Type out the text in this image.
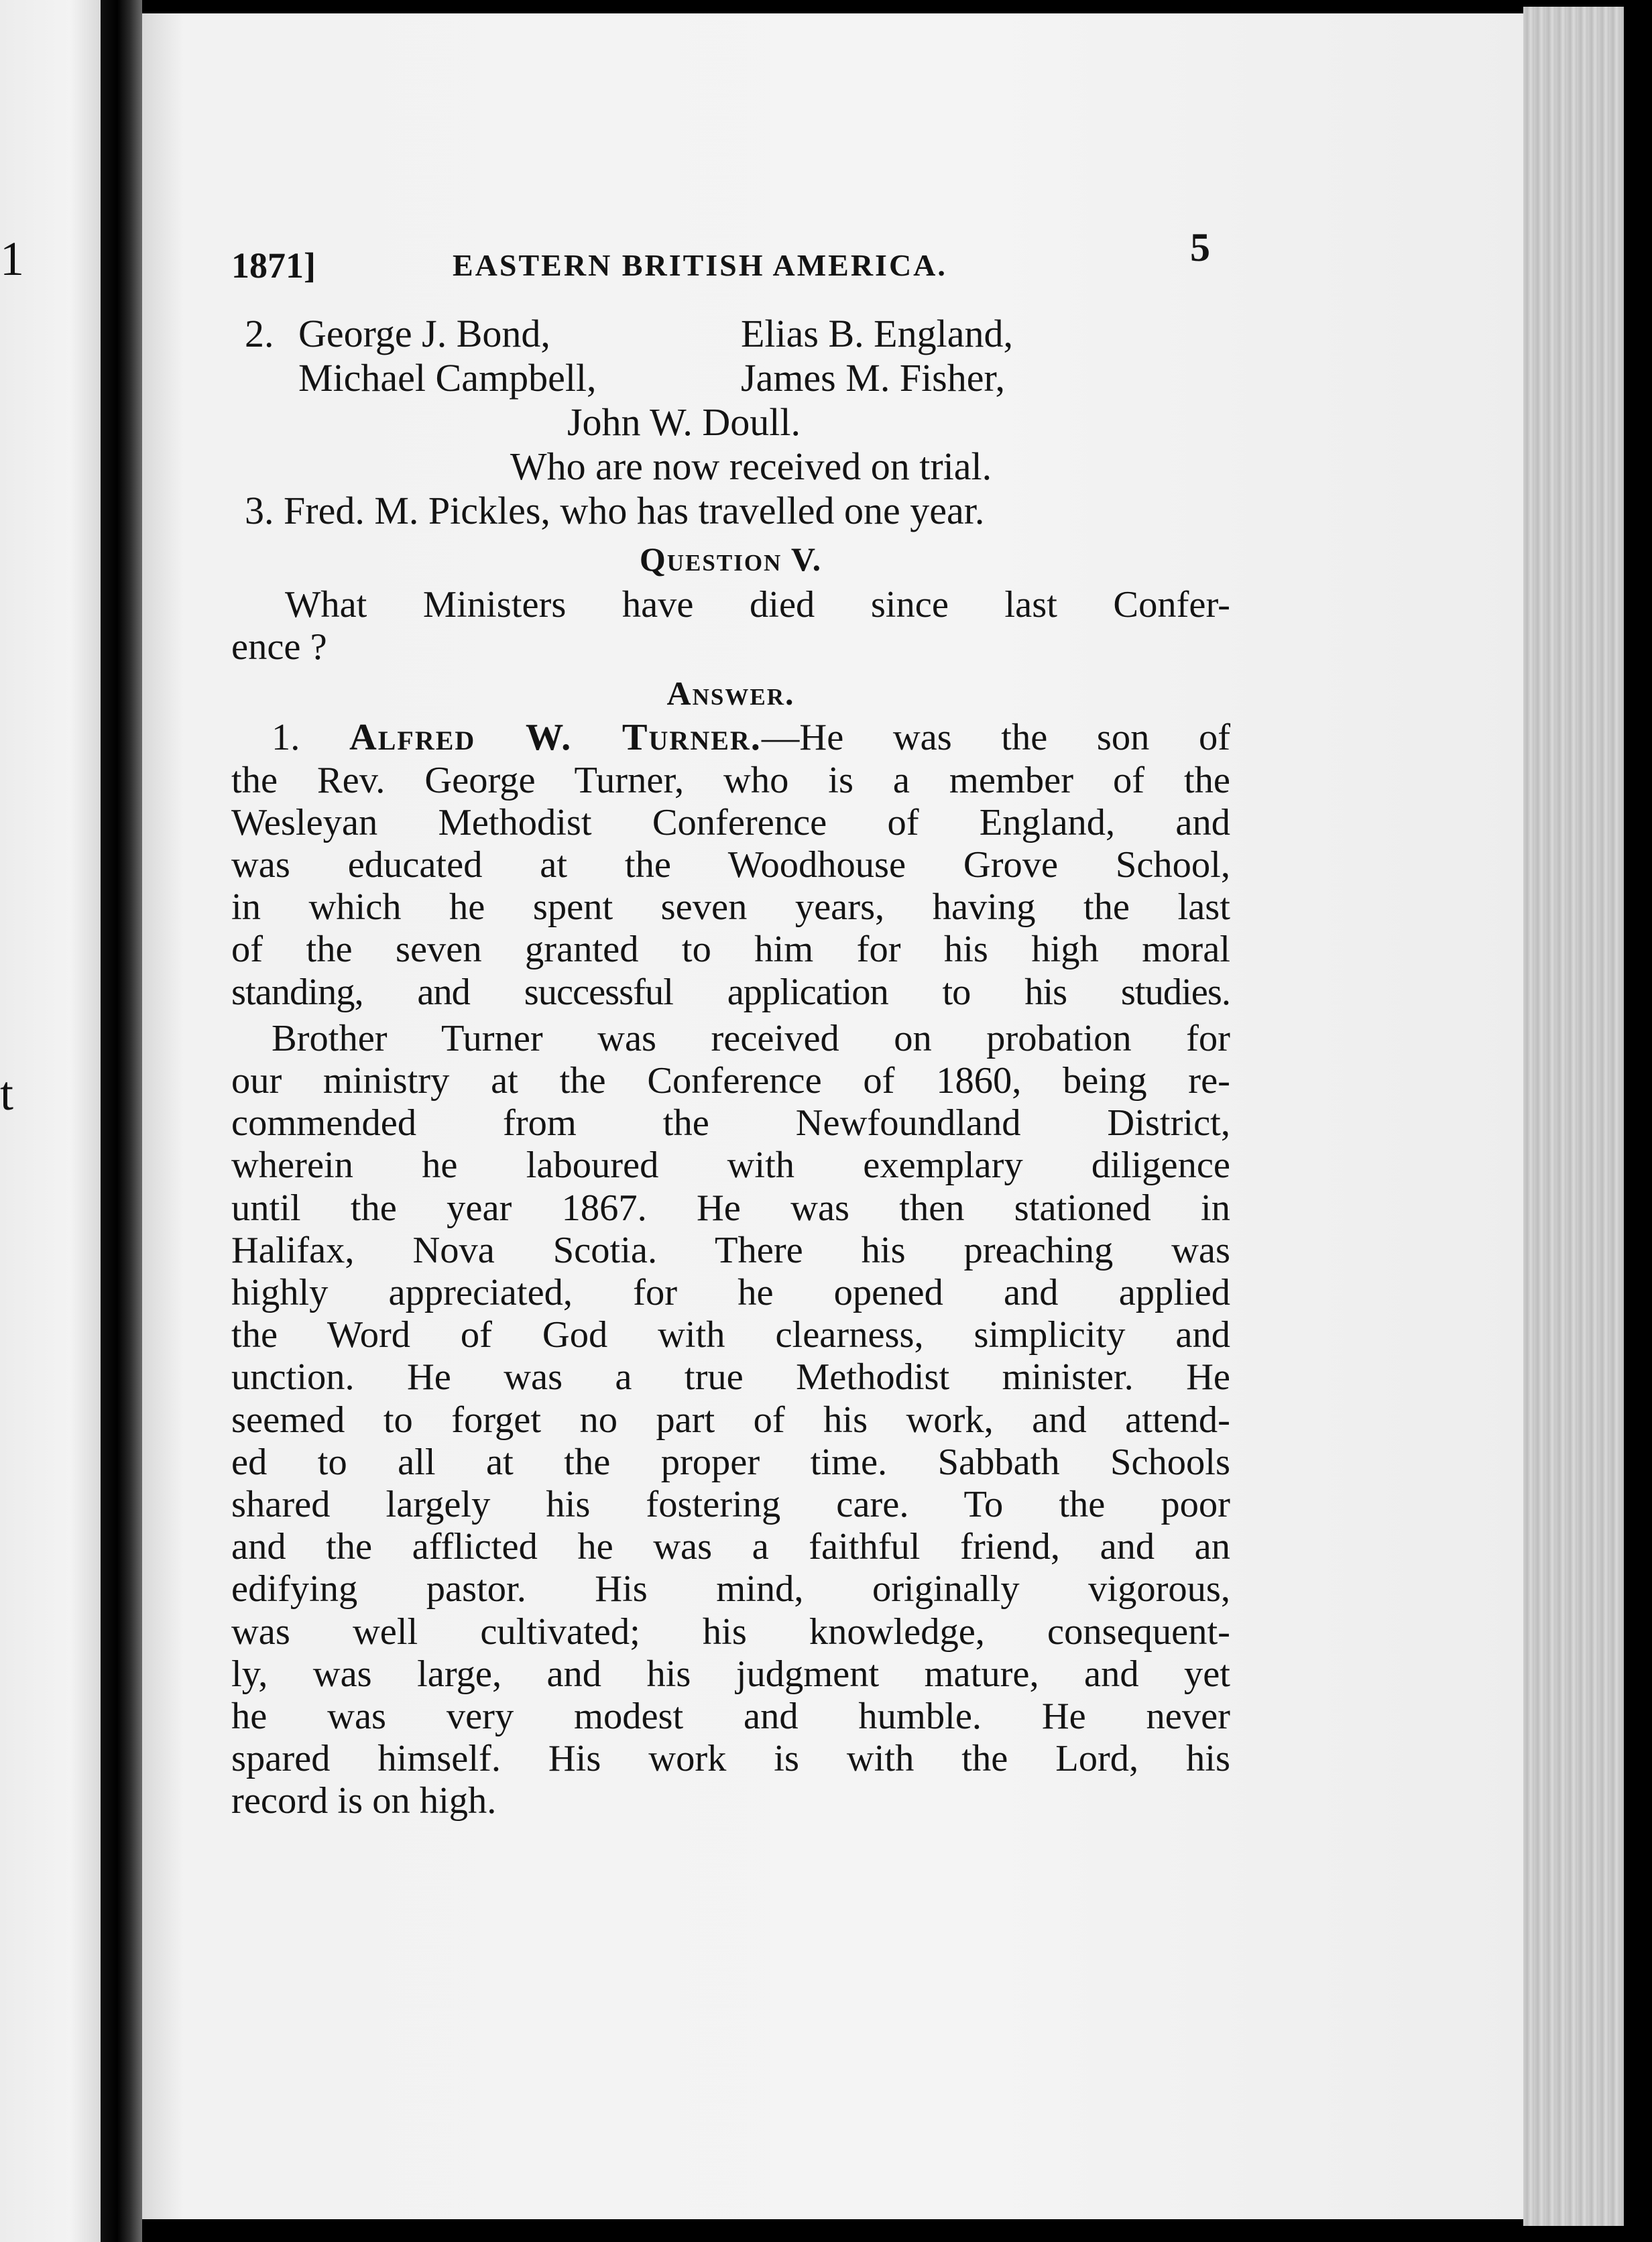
1
t
1871]	EASTERN BRITISH AMERICA.	5
2. George J. Bond,	Elias B. England,
Michael Campbell,	James M. Fisher,
John W. Doull.
Who are now received on trial.
3. Fred. M. Pickles, who has travelled one year.
Question V.
What Ministers have died since last Confer-
ence ?
Answer.
1. Alfred W. Turner.—He was the son of
the Rev. George Turner, who is a member of the
Wesleyan Methodist Conference of England, and
was educated at the Woodhouse Grove School,
in which he spent seven years, having the last
of the seven granted to him for his high moral
standing, and successful application to his studies.
Brother Turner was received on probation for
our ministry at the Conference of 1860, being re-
commended from the Newfoundland District,
wherein he laboured with exemplary diligence
until the year 1867. He was then stationed in
Halifax, Nova Scotia. There his preaching was
highly appreciated, for he opened and applied
the Word of God with clearness, simplicity and
unction. He was a true Methodist minister. He
seemed to forget no part of his work, and attend-
ed to all at the proper time. Sabbath Schools
shared largely his fostering care. To the poor
and the afflicted he was a faithful friend, and an
edifying pastor. His mind, originally vigorous,
was well cultivated; his knowledge, consequent-
ly, was large, and his judgment mature, and yet
he was very modest and humble. He never
spared himself. His work is with the Lord, his
record is on high.
